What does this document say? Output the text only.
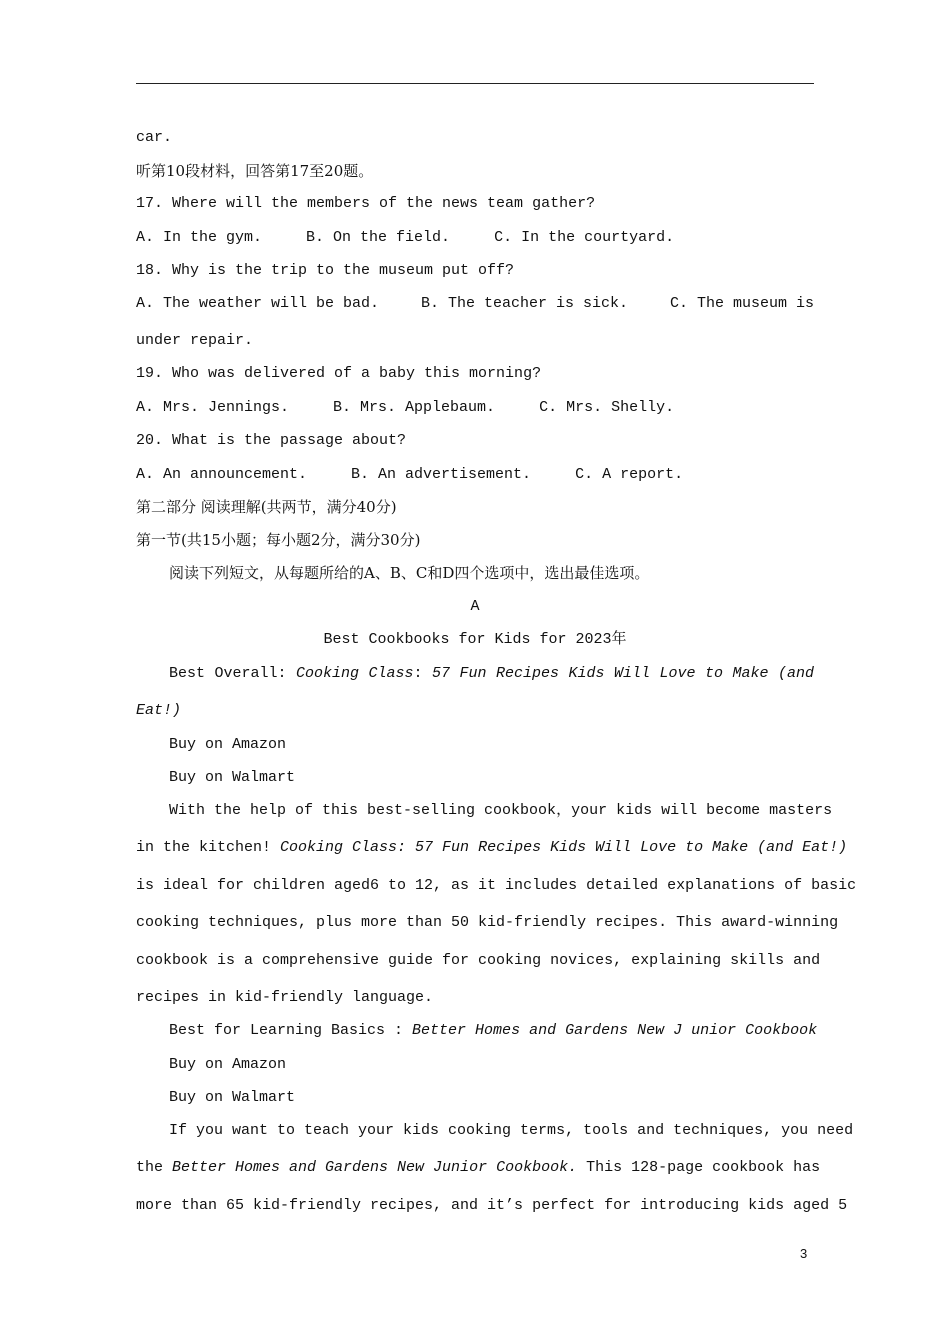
car.
听第10段材料，回答第17至20题。
17. Where will the members of the news team gather?
A. In the gym.	B. On the field.	C. In the courtyard.
18. Why is the trip to the museum put off?
A. The weather will be bad.	B. The teacher is sick.	C. The museum is
under repair.
19. Who was delivered of a baby this morning?
A. Mrs. Jennings.	B. Mrs. Applebaum.	C. Mrs. Shelly.
20. What is the passage about?
A. An announcement.	B. An advertisement.	C. A report.
第二部分 阅读理解(共两节，满分40分)
第一节(共15小题；每小题2分，满分30分)
阅读下列短文，从每题所给的A、B、C和D四个选项中，选出最佳选项。
A
Best Cookbooks for Kids for 2023年
Best Overall: Cooking Class: 57 Fun Recipes Kids Will Love to Make (and
Eat!)
Buy on Amazon
Buy on Walmart
With the help of this best-selling cookbook，your kids will become masters
in the kitchen! Cooking Class: 57 Fun Recipes Kids Will Love to Make (and Eat!)
is ideal for children aged6 to 12, as it includes detailed explanations of basic
cooking techniques, plus more than 50 kid-friendly recipes. This award-winning
cookbook is a comprehensive guide for cooking novices, explaining skills and
recipes in kid-friendly language.
Best for Learning Basics : Better Homes and Gardens New J unior Cookbook
Buy on Amazon
Buy on Walmart
If you want to teach your kids cooking terms, tools and techniques, you need
the Better Homes and Gardens New Junior Cookbook. This 128-page cookbook has
more than 65 kid-friendly recipes, and it’s perfect for introducing kids aged 5
3
